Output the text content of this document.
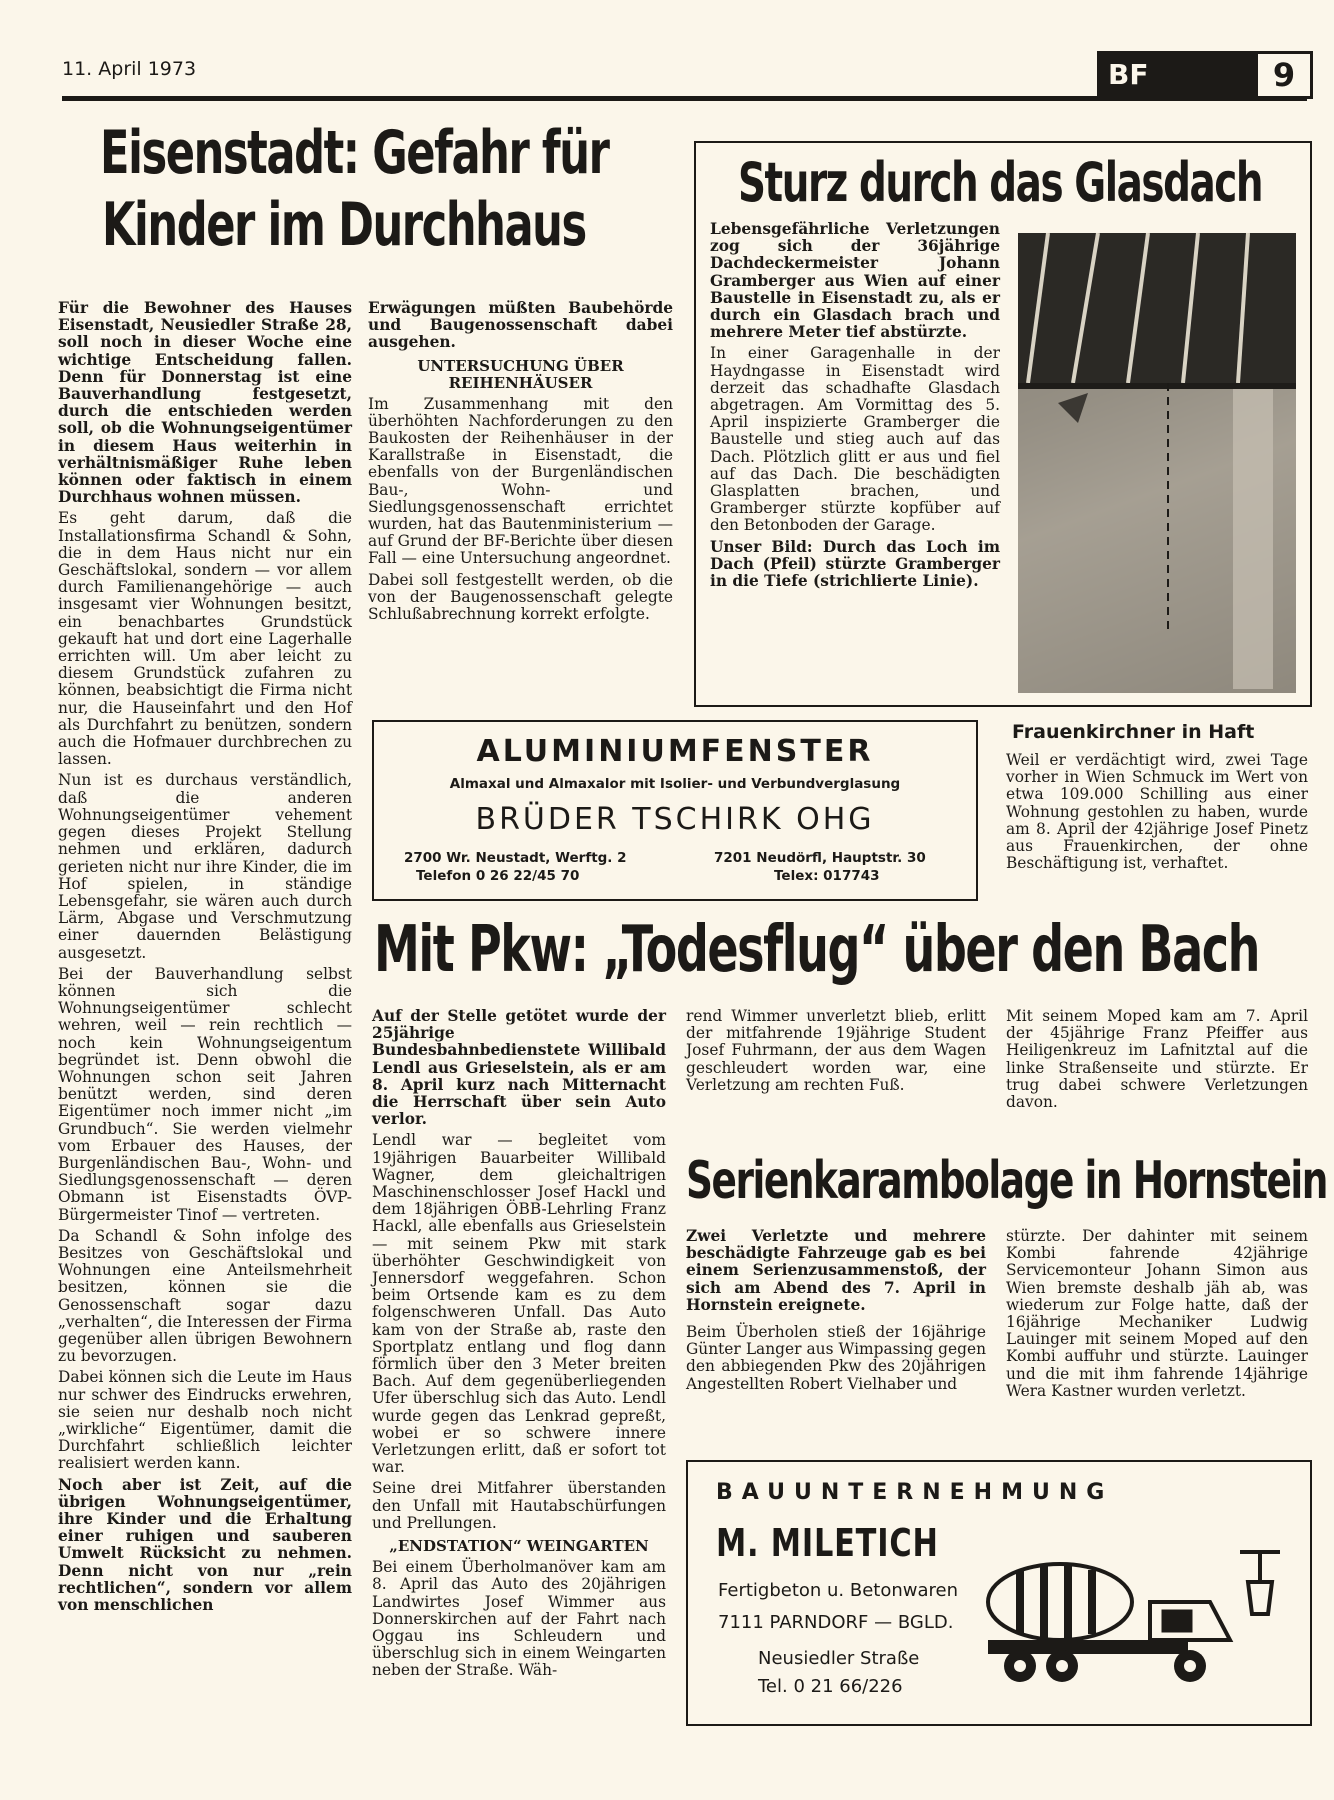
11. April 1973	BF	9
Eisenstadt: Gefahr für
Kinder im Durchhaus

Für die Bewohner des Hauses Eisenstadt, Neusiedler Straße 28, soll noch in dieser Woche eine wichtige Entscheidung fallen. Denn für Donnerstag ist eine Bauverhandlung festgesetzt, durch die entschieden werden soll, ob die Wohnungseigentümer in diesem Haus weiterhin in verhältnismäßiger Ruhe leben können oder faktisch in einem Durchhaus wohnen müssen.

Es geht darum, daß die Installationsfirma Schandl & Sohn, die in dem Haus nicht nur ein Geschäftslokal, sondern — vor allem durch Familienangehörige — auch insgesamt vier Wohnungen besitzt, ein benachbartes Grundstück gekauft hat und dort eine Lagerhalle errichten will. Um aber leicht zu diesem Grundstück zufahren zu können, beabsichtigt die Firma nicht nur, die Hauseinfahrt und den Hof als Durchfahrt zu benützen, sondern auch die Hofmauer durchbrechen zu lassen.

Nun ist es durchaus verständlich, daß die anderen Wohnungseigentümer vehement gegen dieses Projekt Stellung nehmen und erklären, dadurch gerieten nicht nur ihre Kinder, die im Hof spielen, in ständige Lebensgefahr, sie wären auch durch Lärm, Abgase und Verschmutzung einer dauernden Belästigung ausgesetzt.

Bei der Bauverhandlung selbst können sich die Wohnungseigentümer schlecht wehren, weil — rein rechtlich — noch kein Wohnungseigentum begründet ist. Denn obwohl die Wohnungen schon seit Jahren benützt werden, sind deren Eigentümer noch immer nicht „im Grundbuch“. Sie werden vielmehr vom Erbauer des Hauses, der Burgenländischen Bau-, Wohn- und Siedlungsgenossenschaft — deren Obmann ist Eisenstadts ÖVP-Bürgermeister Tinof — vertreten.

Da Schandl & Sohn infolge des Besitzes von Geschäftslokal und Wohnungen eine Anteilsmehrheit besitzen, können sie die Genossenschaft sogar dazu „verhalten“, die Interessen der Firma gegenüber allen übrigen Bewohnern zu bevorzugen.

Dabei können sich die Leute im Haus nur schwer des Eindrucks erwehren, sie seien nur deshalb noch nicht „wirkliche“ Eigentümer, damit die Durchfahrt schließlich leichter realisiert werden kann.

Noch aber ist Zeit, auf die übrigen Wohnungseigentümer, ihre Kinder und die Erhaltung einer ruhigen und sauberen Umwelt Rücksicht zu nehmen. Denn nicht von nur „rein rechtlichen“, sondern vor allem von menschlichen

Erwägungen müßten Baubehörde und Baugenossenschaft dabei ausgehen.

UNTERSUCHUNG ÜBER REIHENHÄUSER

Im Zusammenhang mit den überhöhten Nachforderungen zu den Baukosten der Reihenhäuser in der Karallstraße in Eisenstadt, die ebenfalls von der Burgenländischen Bau-, Wohn- und Siedlungsgenossenschaft errichtet wurden, hat das Bautenministerium — auf Grund der BF-Berichte über diesen Fall — eine Untersuchung angeordnet.

Dabei soll festgestellt werden, ob die von der Baugenossenschaft gelegte Schlußabrechnung korrekt erfolgte.

Sturz durch das Glasdach

Lebensgefährliche Verletzungen zog sich der 36jährige Dachdeckermeister Johann Gramberger aus Wien auf einer Baustelle in Eisenstadt zu, als er durch ein Glasdach brach und mehrere Meter tief abstürzte.

In einer Garagenhalle in der Haydngasse in Eisenstadt wird derzeit das schadhafte Glasdach abgetragen. Am Vormittag des 5. April inspizierte Gramberger die Baustelle und stieg auch auf das Dach. Plötzlich glitt er aus und fiel auf das Dach. Die beschädigten Glasplatten brachen, und Gramberger stürzte kopfüber auf den Betonboden der Garage.

Unser Bild: Durch das Loch im Dach (Pfeil) stürzte Gramberger in die Tiefe (strichlierte Linie).

ALUMINIUMFENSTER
Almaxal und Almaxalor mit Isolier- und Verbundverglasung
BRÜDER TSCHIRK OHG
2700 Wr. Neustadt, Werftg. 2
Telefon 0 26 22/45 70
7201 Neudörfl, Hauptstr. 30
Telex: 017743
Frauenkirchner in Haft
Weil er verdächtigt wird, zwei Tage vorher in Wien Schmuck im Wert von etwa 109.000 Schilling aus einer Wohnung gestohlen zu haben, wurde am 8. April der 42jährige Josef Pinetz aus Frauenkirchen, der ohne Beschäftigung ist, verhaftet.
Mit Pkw: „Todesflug“ über den Bach

Auf der Stelle getötet wurde der 25jährige Bundesbahnbedienstete Willibald Lendl aus Grieselstein, als er am 8. April kurz nach Mitternacht die Herrschaft über sein Auto verlor.

Lendl war — begleitet vom 19jährigen Bauarbeiter Willibald Wagner, dem gleichaltrigen Maschinenschlosser Josef Hackl und dem 18jährigen ÖBB-Lehrling Franz Hackl, alle ebenfalls aus Grieselstein — mit seinem Pkw mit stark überhöhter Geschwindigkeit von Jennersdorf weggefahren. Schon beim Ortsende kam es zu dem folgenschweren Unfall. Das Auto kam von der Straße ab, raste den Sportplatz entlang und flog dann förmlich über den 3 Meter breiten Bach. Auf dem gegenüberliegenden Ufer überschlug sich das Auto. Lendl wurde gegen das Lenkrad gepreßt, wobei er so schwere innere Verletzungen erlitt, daß er sofort tot war.

Seine drei Mitfahrer überstanden den Unfall mit Hautabschürfungen und Prellungen.

„ENDSTATION“ WEINGARTEN

Bei einem Überholmanöver kam am 8. April das Auto des 20jährigen Landwirtes Josef Wimmer aus Donnerskirchen auf der Fahrt nach Oggau ins Schleudern und überschlug sich in einem Weingarten neben der Straße. Wäh-

rend Wimmer unverletzt blieb, erlitt der mitfahrende 19jährige Student Josef Fuhrmann, der aus dem Wagen geschleudert worden war, eine Verletzung am rechten Fuß.
Mit seinem Moped kam am 7. April der 45jährige Franz Pfeiffer aus Heiligenkreuz im Lafnitztal auf die linke Straßenseite und stürzte. Er trug dabei schwere Verletzungen davon.
Serienkarambolage in Hornstein

Zwei Verletzte und mehrere beschädigte Fahrzeuge gab es bei einem Serienzusammenstoß, der sich am Abend des 7. April in Hornstein ereignete.

Beim Überholen stieß der 16jährige Günter Langer aus Wimpassing gegen den abbiegenden Pkw des 20jährigen Angestellten Robert Vielhaber und

stürzte. Der dahinter mit seinem Kombi fahrende 42jährige Servicemonteur Johann Simon aus Wien bremste deshalb jäh ab, was wiederum zur Folge hatte, daß der 16jährige Mechaniker Ludwig Lauinger mit seinem Moped auf den Kombi auffuhr und stürzte. Lauinger und die mit ihm fahrende 14jährige Wera Kastner wurden verletzt.
BAUUNTERNEHMUNG
M. MILETICH
Fertigbeton u. Betonwaren
7111 PARNDORF — BGLD.
Neusiedler Straße
Tel. 0 21 66/226
